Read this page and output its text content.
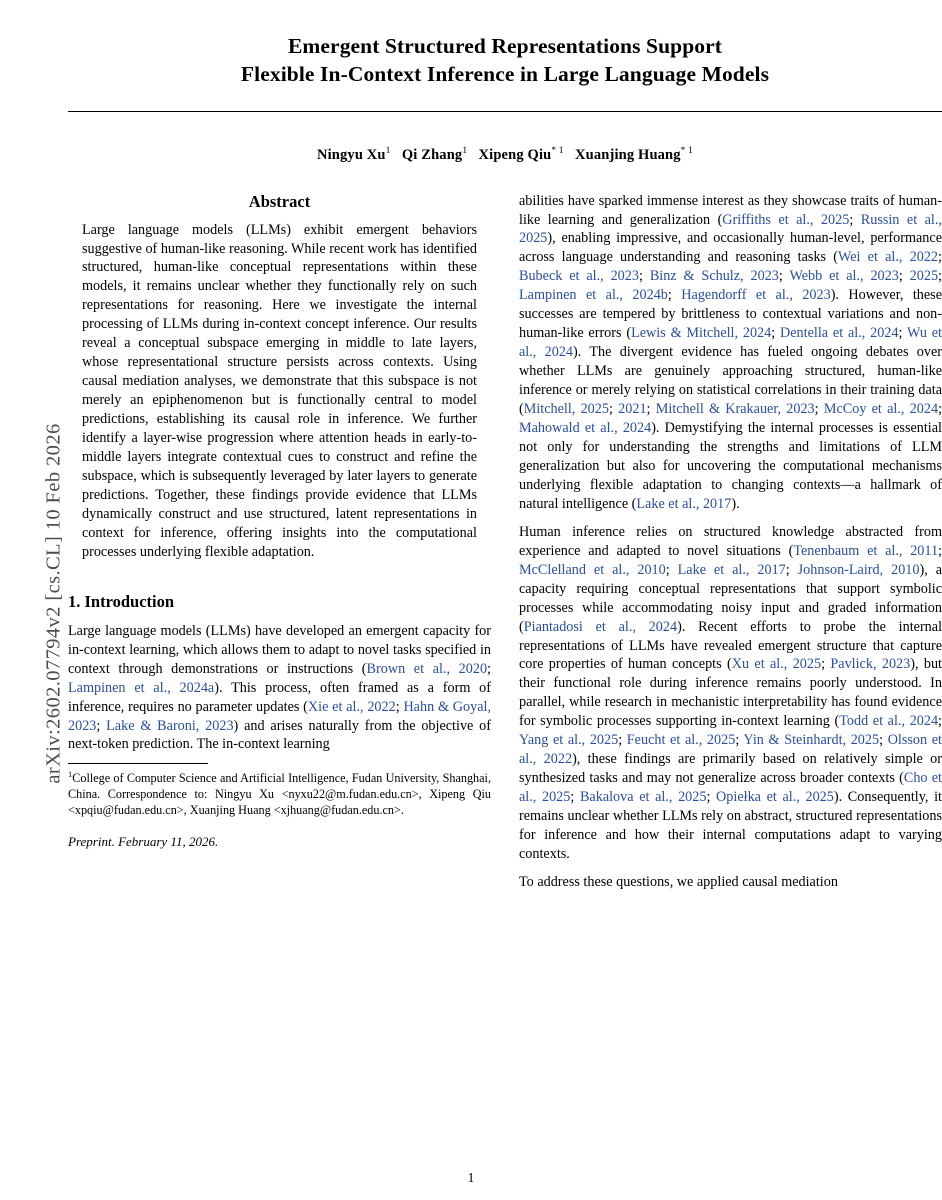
arXiv:2602.07794v2 [cs.CL] 10 Feb 2026
Emergent Structured Representations Support
Flexible In-Context Inference in Large Language Models
Ningyu Xu$^1$ Qi Zhang$^1$ Xipeng Qiu$^{* 1}$ Xuanjing Huang$^{* 1}$
Abstract
Large language models (LLMs) exhibit emergent behaviors suggestive of human-like reasoning. While recent work has identified structured, human-like conceptual representations within these models, it remains unclear whether they functionally rely on such representations for reasoning. Here we investigate the internal processing of LLMs during in-context concept inference. Our results reveal a conceptual subspace emerging in middle to late layers, whose representational structure persists across contexts. Using causal mediation analyses, we demonstrate that this subspace is not merely an epiphenomenon but is functionally central to model predictions, establishing its causal role in inference. We further identify a layer-wise progression where attention heads in early-to-middle layers integrate contextual cues to construct and refine the subspace, which is subsequently leveraged by later layers to generate predictions. Together, these findings provide evidence that LLMs dynamically construct and use structured, latent representations in context for inference, offering insights into the computational processes underlying flexible adaptation.
1. Introduction

Large language models (LLMs) have developed an emergent capacity for in-context learning, which allows them to adapt to novel tasks specified in context through demonstrations or instructions (Brown et al., 2020; Lampinen et al., 2024a). This process, often framed as a form of inference, requires no parameter updates (Xie et al., 2022; Hahn & Goyal, 2023; Lake & Baroni, 2023) and arises naturally from the objective of next-token prediction. The in-context learning

$^1$College of Computer Science and Artificial Intelligence, Fudan University, Shanghai, China. Correspondence to: Ningyu Xu <nyxu22@m.fudan.edu.cn>, Xipeng Qiu <xpqiu@fudan.edu.cn>, Xuanjing Huang <xjhuang@fudan.edu.cn>.
Preprint. February 11, 2026.

abilities have sparked immense interest as they showcase traits of human-like learning and generalization (Griffiths et al., 2025; Russin et al., 2025), enabling impressive, and occasionally human-level, performance across language understanding and reasoning tasks (Wei et al., 2022; Bubeck et al., 2023; Binz & Schulz, 2023; Webb et al., 2023; 2025; Lampinen et al., 2024b; Hagendorff et al., 2023). However, these successes are tempered by brittleness to contextual variations and non-human-like errors (Lewis & Mitchell, 2024; Dentella et al., 2024; Wu et al., 2024). The divergent evidence has fueled ongoing debates over whether LLMs are genuinely approaching structured, human-like inference or merely relying on statistical correlations in their training data (Mitchell, 2025; 2021; Mitchell & Krakauer, 2023; McCoy et al., 2024; Mahowald et al., 2024). Demystifying the internal processes is essential not only for understanding the strengths and limitations of LLM generalization but also for uncovering the computational mechanisms underlying flexible adaptation to changing contexts—a hallmark of natural intelligence (Lake et al., 2017).

Human inference relies on structured knowledge abstracted from experience and adapted to novel situations (Tenenbaum et al., 2011; McClelland et al., 2010; Lake et al., 2017; Johnson-Laird, 2010), a capacity requiring conceptual representations that support symbolic processes while accommodating noisy input and graded information (Piantadosi et al., 2024). Recent efforts to probe the internal representations of LLMs have revealed emergent structure that capture core properties of human concepts (Xu et al., 2025; Pavlick, 2023), but their functional role during inference remains poorly understood. In parallel, while research in mechanistic interpretability has found evidence for symbolic processes supporting in-context learning (Todd et al., 2024; Yang et al., 2025; Feucht et al., 2025; Yin & Steinhardt, 2025; Olsson et al., 2022), these findings are primarily based on relatively simple or synthesized tasks and may not generalize across broader contexts (Cho et al., 2025; Bakalova et al., 2025; Opiełka et al., 2025). Consequently, it remains unclear whether LLMs rely on abstract, structured representations for inference and how their internal computations adapt to varying contexts.

To address these questions, we applied causal mediation

1
